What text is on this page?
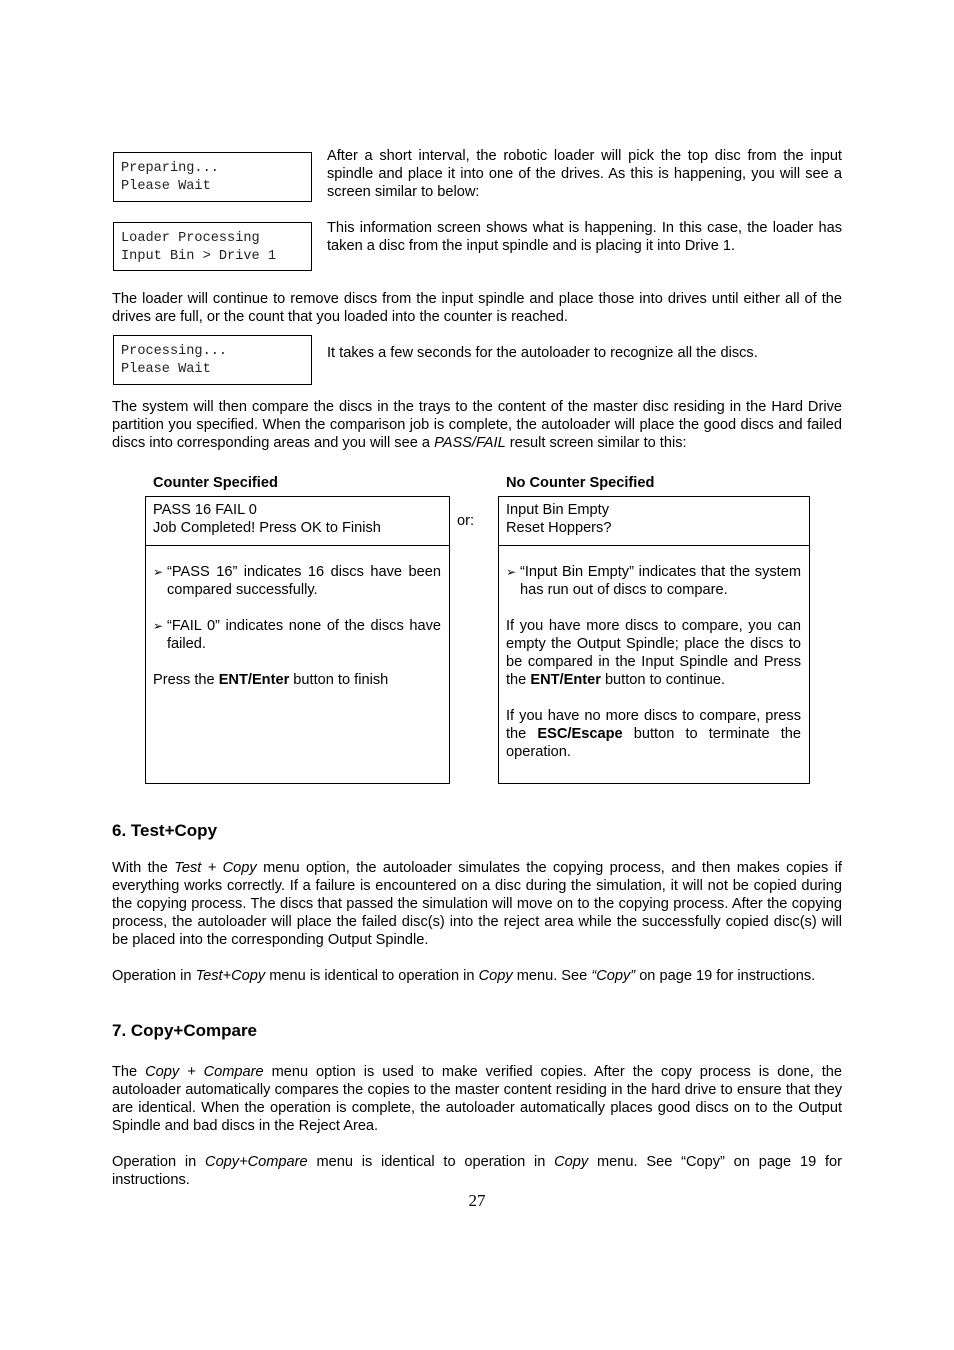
Preparing...
Please Wait
After a short interval, the robotic loader will pick the top disc from the input spindle and place it into one of the drives. As this is happening, you will see a screen similar to below:
Loader Processing
Input Bin > Drive 1
This information screen shows what is happening. In this case, the loader has taken a disc from the input spindle and is placing it into Drive 1.
The loader will continue to remove discs from the input spindle and place those into drives until either all of the drives are full, or the count that you loaded into the counter is reached.
Processing...
Please Wait
It takes a few seconds for the autoloader to recognize all the discs.
The system will then compare the discs in the trays to the content of the master disc residing in the Hard Drive partition you specified. When the comparison job is complete, the autoloader will place the good discs and failed discs into corresponding areas and you will see a PASS/FAIL result screen similar to this:
Counter Specified	No Counter Specified
PASS 16 FAIL 0
Job Completed! Press OK to Finish
➢ “PASS 16” indicates 16 discs have been compared successfully.
➢ “FAIL 0” indicates none of the discs have failed.
Press the ENT/Enter button to finish
or:
Input Bin Empty
Reset Hoppers?
➢ “Input Bin Empty” indicates that the system has run out of discs to compare.
If you have more discs to compare, you can empty the Output Spindle; place the discs to be compared in the Input Spindle and Press the ENT/Enter button to continue.
If you have no more discs to compare, press the ESC/Escape button to terminate the operation.
6. Test+Copy
With the Test + Copy menu option, the autoloader simulates the copying process, and then makes copies if everything works correctly. If a failure is encountered on a disc during the simulation, it will not be copied during the copying process. The discs that passed the simulation will move on to the copying process. After the copying process, the autoloader will place the failed disc(s) into the reject area while the successfully copied disc(s) will be placed into the corresponding Output Spindle.
Operation in Test+Copy menu is identical to operation in Copy menu. See “Copy” on page 19 for instructions.
7. Copy+Compare
The Copy + Compare menu option is used to make verified copies. After the copy process is done, the autoloader automatically compares the copies to the master content residing in the hard drive to ensure that they are identical. When the operation is complete, the autoloader automatically places good discs on to the Output Spindle and bad discs in the Reject Area.
Operation in Copy+Compare menu is identical to operation in Copy menu. See “Copy” on page 19 for instructions.
27
